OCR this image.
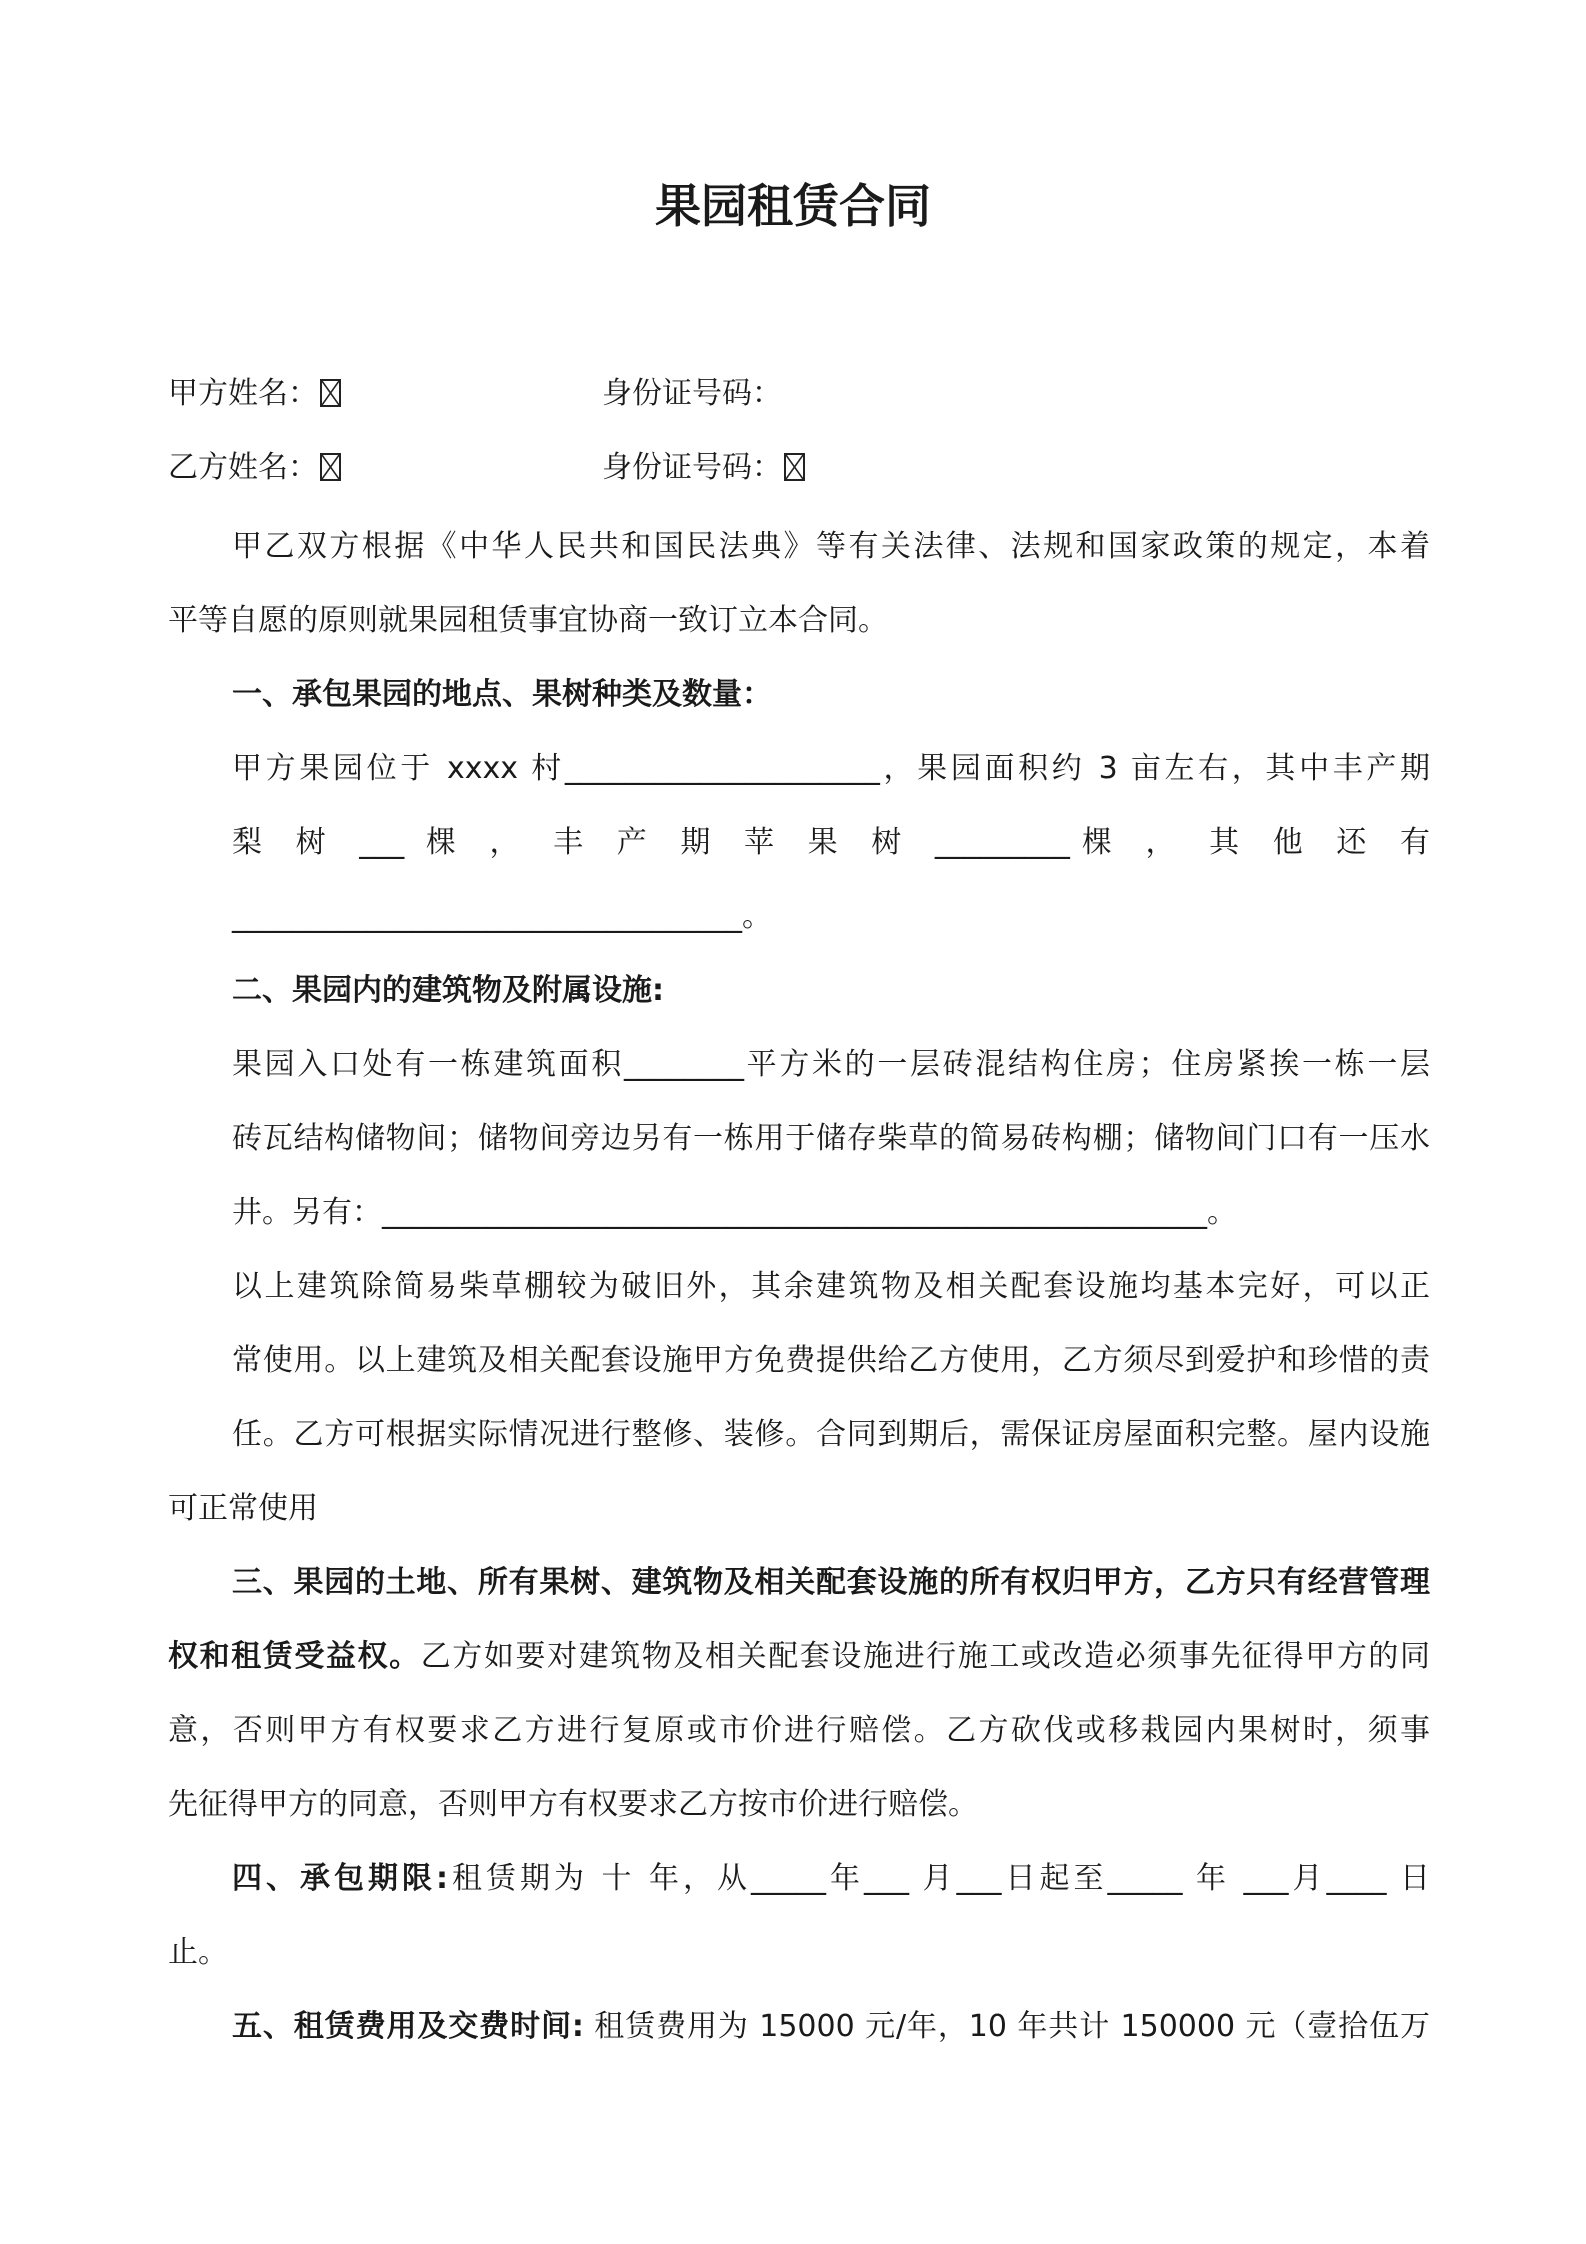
果园租赁合同
甲方姓名：	身份证号码：
乙方姓名：	身份证号码：

甲乙双方根据《中华人民共和国民法典》等有关法律、法规和国家政策的规定，本着

平等自愿的原则就果园租赁事宜协商一致订立本合同。

一、承包果园的地点、果树种类及数量：

甲方果园位于 xxxx 村_____________________，果园面积约 3 亩左右，其中丰产期

梨 树 ___ 棵 ， 丰 产 期 苹 果 树 _________棵 ， 其 他 还 有

__________________________________。

二、果园内的建筑物及附属设施:

果园入口处有一栋建筑面积________平方米的一层砖混结构住房；住房紧挨一栋一层

砖瓦结构储物间；储物间旁边另有一栋用于储存柴草的简易砖构棚；储物间门口有一压水

井。另有：_______________________________________________________。

以上建筑除简易柴草棚较为破旧外，其余建筑物及相关配套设施均基本完好，可以正

常使用。以上建筑及相关配套设施甲方免费提供给乙方使用，乙方须尽到爱护和珍惜的责

任。乙方可根据实际情况进行整修、装修。合同到期后，需保证房屋面积完整。屋内设施

可正常使用

三、果园的土地、所有果树、建筑物及相关配套设施的所有权归甲方，乙方只有经营管理

权和租赁受益权。乙方如要对建筑物及相关配套设施进行施工或改造必须事先征得甲方的同

意，否则甲方有权要求乙方进行复原或市价进行赔偿。乙方砍伐或移栽园内果树时，须事

先征得甲方的同意，否则甲方有权要求乙方按市价进行赔偿。

四、承包期限:租赁期为 十 年，从_____年___ 月___日起至_____ 年 ___月____ 日

止。

五、租赁费用及交费时间: 租赁费用为 15000 元/年，10 年共计 150000 元（壹拾伍万
